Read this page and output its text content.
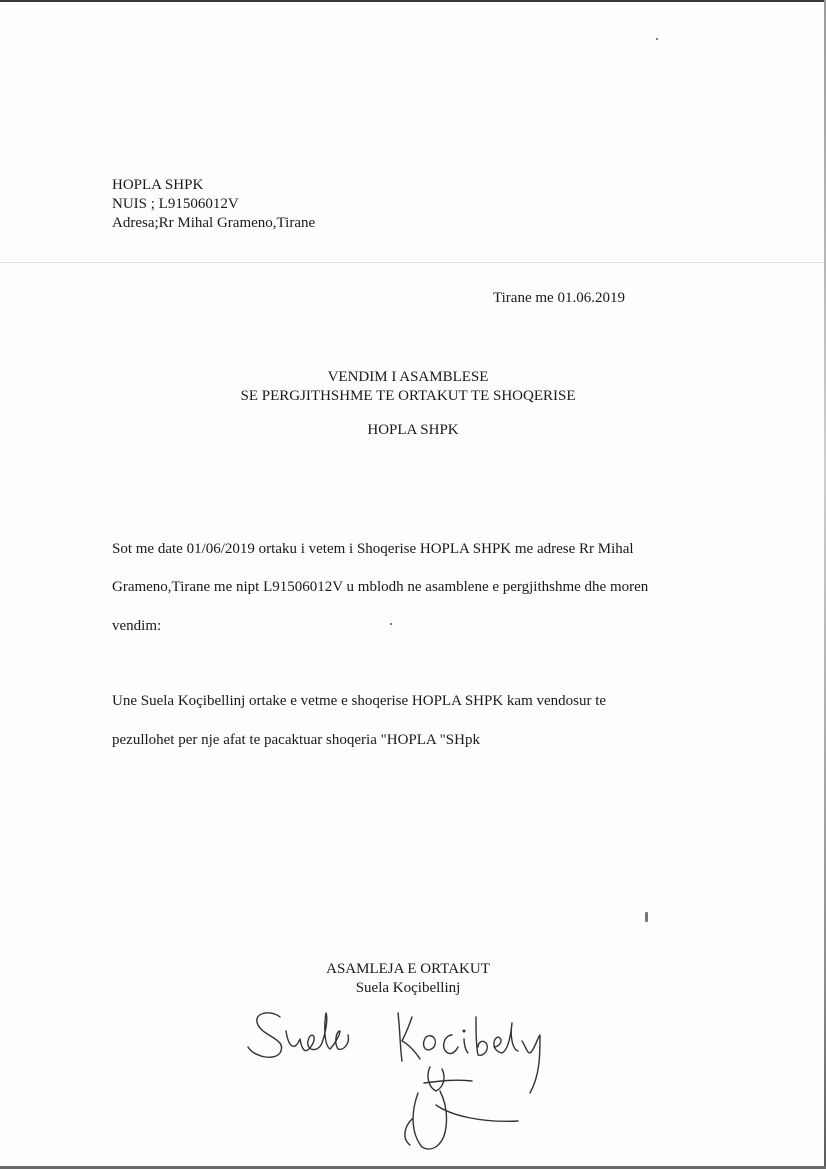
HOPLA SHPK
NUIS ; L91506012V
Adresa;Rr Mihal Grameno,Tirane
Tirane me 01.06.2019
VENDIM I ASAMBLESE
SE PERGJITHSHME TE ORTAKUT TE SHOQERISE
HOPLA SHPK
Sot me date 01/06/2019 ortaku i vetem i Shoqerise HOPLA SHPK me adrese Rr Mihal
Grameno,Tirane me nipt L91506012V u mblodh ne asamblene e pergjithshme dhe moren
vendim:
Une Suela Koçibellinj ortake e vetme e shoqerise HOPLA SHPK kam vendosur te
pezullohet per nje afat te pacaktuar shoqeria "HOPLA "SHpk
ASAMLEJA E ORTAKUT
Suela Koçibellinj
